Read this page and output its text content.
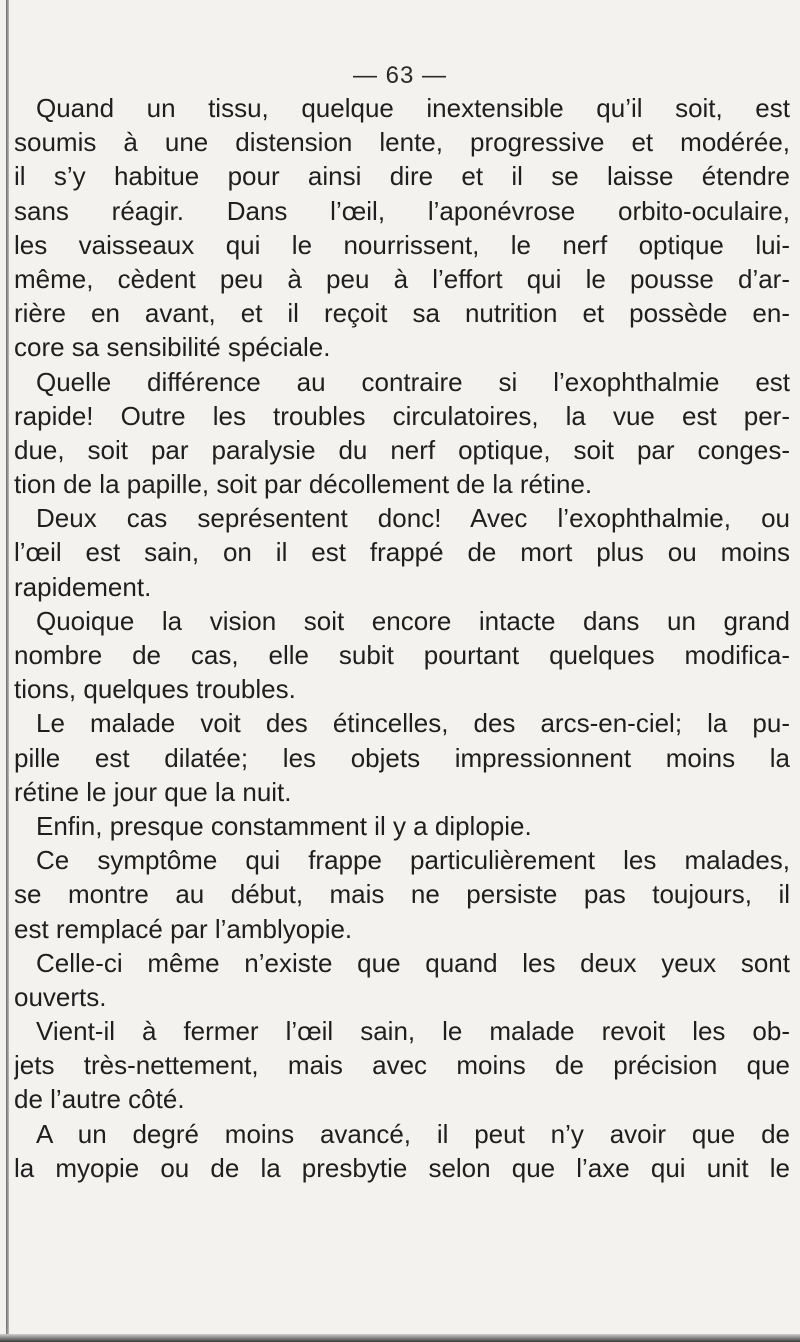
— 63 —
Quand un tissu, quelque inextensible qu’il soit, est
soumis à une distension lente, progressive et modérée,
il s’y habitue pour ainsi dire et il se laisse étendre
sans réagir. Dans l’œil, l’aponévrose orbito-oculaire,
les vaisseaux qui le nourrissent, le nerf optique lui-
même, cèdent peu à peu à l’effort qui le pousse d’ar-
rière en avant, et il reçoit sa nutrition et possède en-
core sa sensibilité spéciale.
Quelle différence au contraire si l’exophthalmie est
rapide! Outre les troubles circulatoires, la vue est per-
due, soit par paralysie du nerf optique, soit par conges-
tion de la papille, soit par décollement de la rétine.
Deux cas seprésentent donc! Avec l’exophthalmie, ou
l’œil est sain, on il est frappé de mort plus ou moins
rapidement.
Quoique la vision soit encore intacte dans un grand
nombre de cas, elle subit pourtant quelques modifica-
tions, quelques troubles.
Le malade voit des étincelles, des arcs-en-ciel; la pu-
pille est dilatée; les objets impressionnent moins la
rétine le jour que la nuit.
Enfin, presque constamment il y a diplopie.
Ce symptôme qui frappe particulièrement les malades,
se montre au début, mais ne persiste pas toujours, il
est remplacé par l’amblyopie.
Celle-ci même n’existe que quand les deux yeux sont
ouverts.
Vient-il à fermer l’œil sain, le malade revoit les ob-
jets très-nettement, mais avec moins de précision que
de l’autre côté.
A un degré moins avancé, il peut n’y avoir que de
la myopie ou de la presbytie selon que l’axe qui unit le
